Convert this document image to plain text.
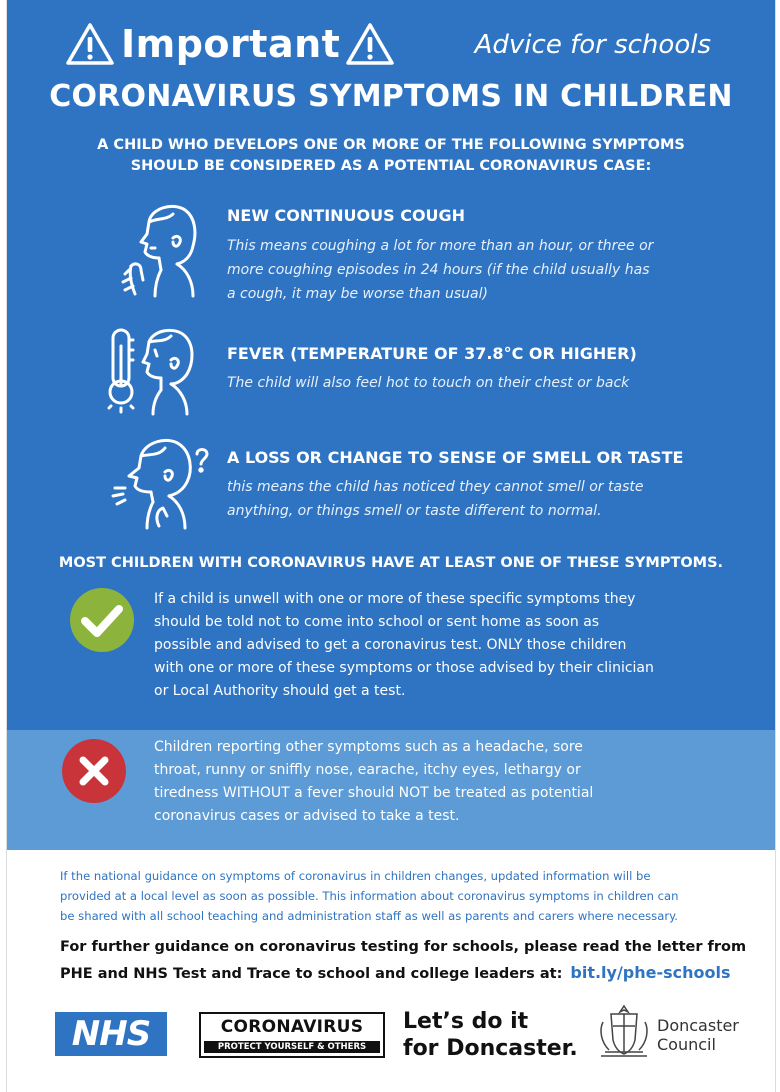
Important	Advice for schools
CORONAVIRUS SYMPTOMS IN CHILDREN
A CHILD WHO DEVELOPS ONE OR MORE OF THE FOLLOWING SYMPTOMS
SHOULD BE CONSIDERED AS A POTENTIAL CORONAVIRUS CASE:
NEW CONTINUOUS COUGH
This means coughing a lot for more than an hour, or three or
more coughing episodes in 24 hours (if the child usually has
a cough, it may be worse than usual)
FEVER (TEMPERATURE OF 37.8°C OR HIGHER)
The child will also feel hot to touch on their chest or back
A LOSS OR CHANGE TO SENSE OF SMELL OR TASTE
this means the child has noticed they cannot smell or taste
anything, or things smell or taste different to normal.
MOST CHILDREN WITH CORONAVIRUS HAVE AT LEAST ONE OF THESE SYMPTOMS.
If a child is unwell with one or more of these specific symptoms they
should be told not to come into school or sent home as soon as
possible and advised to get a coronavirus test. ONLY those children
with one or more of these symptoms or those advised by their clinician
or Local Authority should get a test.
Children reporting other symptoms such as a headache, sore
throat, runny or sniffly nose, earache, itchy eyes, lethargy or
tiredness WITHOUT a fever should NOT be treated as potential
coronavirus cases or advised to take a test.
If the national guidance on symptoms of coronavirus in children changes, updated information will be
provided at a local level as soon as possible. This information about coronavirus symptoms in children can
be shared with all school teaching and administration staff as well as parents and carers where necessary.
For further guidance on coronavirus testing for schools, please read the letter from
PHE and NHS Test and Trace to school and college leaders at: bit.ly/phe-schools
NHS	CORONAVIRUS
PROTECT YOURSELF & OTHERS
Let’s do it
for Doncaster.
Doncaster
Council
